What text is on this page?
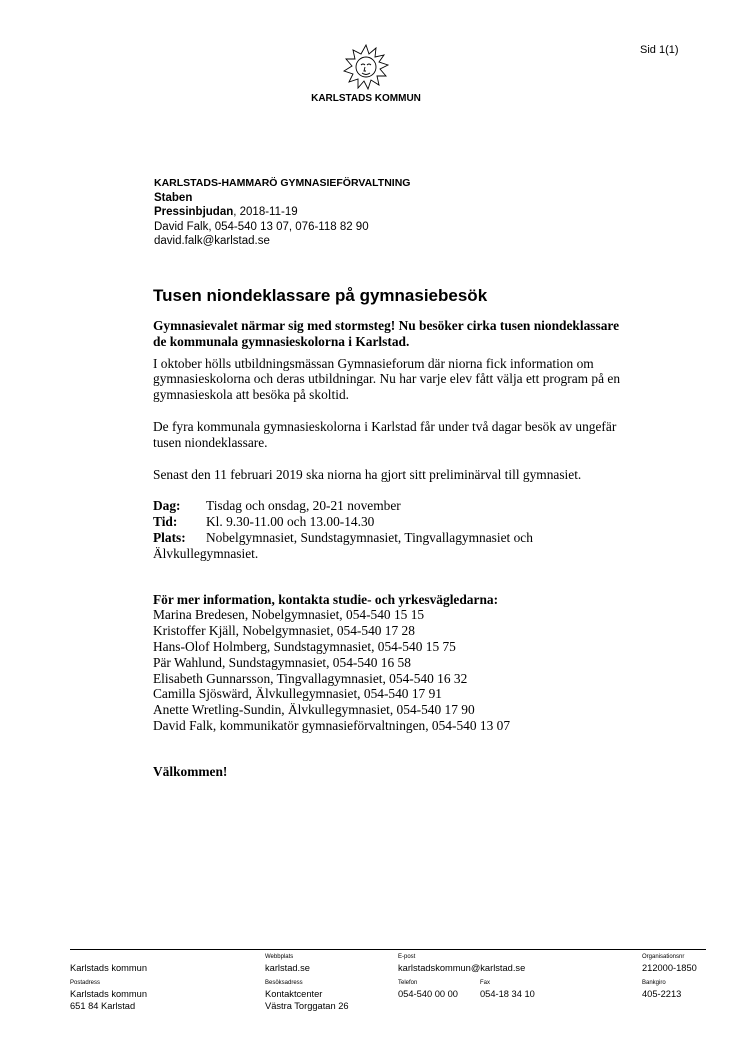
Sid 1(1)
KARLSTADS KOMMUN
KARLSTADS-HAMMARÖ GYMNASIEFÖRVALTNING
Staben
Pressinbjudan, 2018-11-19
David Falk, 054-540 13 07, 076-118 82 90
david.falk@karlstad.se
Tusen niondeklassare på gymnasiebesök

Gymnasievalet närmar sig med stormsteg! Nu besöker cirka tusen niondeklassare de kommunala gymnasieskolorna i Karlstad.

I oktober hölls utbildningsmässan Gymnasieforum där niorna fick information om gymnasieskolorna och deras utbildningar. Nu har varje elev fått välja ett program på en gymnasieskola att besöka på skoltid.

De fyra kommunala gymnasieskolorna i Karlstad får under två dagar besök av ungefär tusen niondeklassare.

Senast den 11 februari 2019 ska niorna ha gjort sitt preliminärval till gymnasiet.

Dag: Tisdag och onsdag, 20-21 november

Tid: Kl. 9.30-11.00 och 13.00-14.30

Plats: Nobelgymnasiet, Sundstagymnasiet, Tingvallagymnasiet och Älvkullegymnasiet.

För mer information, kontakta studie- och yrkesvägledarna:

Marina Bredesen, Nobelgymnasiet, 054-540 15 15

Kristoffer Kjäll, Nobelgymnasiet, 054-540 17 28

Hans-Olof Holmberg, Sundstagymnasiet, 054-540 15 75

Pär Wahlund, Sundstagymnasiet, 054-540 16 58

Elisabeth Gunnarsson, Tingvallagymnasiet, 054-540 16 32

Camilla Sjöswärd, Älvkullegymnasiet, 054-540 17 91

Anette Wretling-Sundin, Älvkullegymnasiet, 054-540 17 90

David Falk, kommunikatör gymnasieförvaltningen, 054-540 13 07

Välkommen!

Karlstads kommun
Webbplats
karlstad.se
E-post
karlstadskommun@karlstad.se
Organisationsnr
212000-1850
Postadress
Karlstads kommun
651 84 Karlstad
Besöksadress
Kontaktcenter
Västra Torggatan 26
Telefon
054-540 00 00
Fax
054-18 34 10
Bankgiro
405-2213
